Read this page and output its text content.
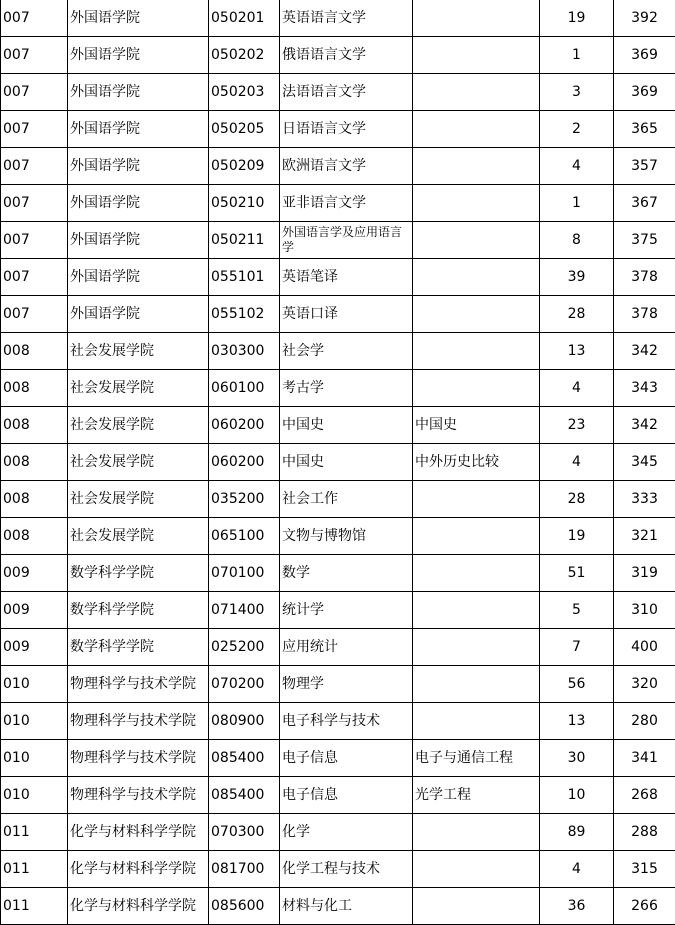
007	外国语学院	050201	英语语言文学		19	392
007	外国语学院	050202	俄语语言文学		1	369
007	外国语学院	050203	法语语言文学		3	369
007	外国语学院	050205	日语语言文学		2	365
007	外国语学院	050209	欧洲语言文学		4	357
007	外国语学院	050210	亚非语言文学		1	367
007	外国语学院	050211	外国语言学及应用语言学		8	375
007	外国语学院	055101	英语笔译		39	378
007	外国语学院	055102	英语口译		28	378
008	社会发展学院	030300	社会学		13	342
008	社会发展学院	060100	考古学		4	343
008	社会发展学院	060200	中国史	中国史	23	342
008	社会发展学院	060200	中国史	中外历史比较	4	345
008	社会发展学院	035200	社会工作		28	333
008	社会发展学院	065100	文物与博物馆		19	321
009	数学科学学院	070100	数学		51	319
009	数学科学学院	071400	统计学		5	310
009	数学科学学院	025200	应用统计		7	400
010	物理科学与技术学院	070200	物理学		56	320
010	物理科学与技术学院	080900	电子科学与技术		13	280
010	物理科学与技术学院	085400	电子信息	电子与通信工程	30	341
010	物理科学与技术学院	085400	电子信息	光学工程	10	268
011	化学与材料科学学院	070300	化学		89	288
011	化学与材料科学学院	081700	化学工程与技术		4	315
011	化学与材料科学学院	085600	材料与化工		36	266
